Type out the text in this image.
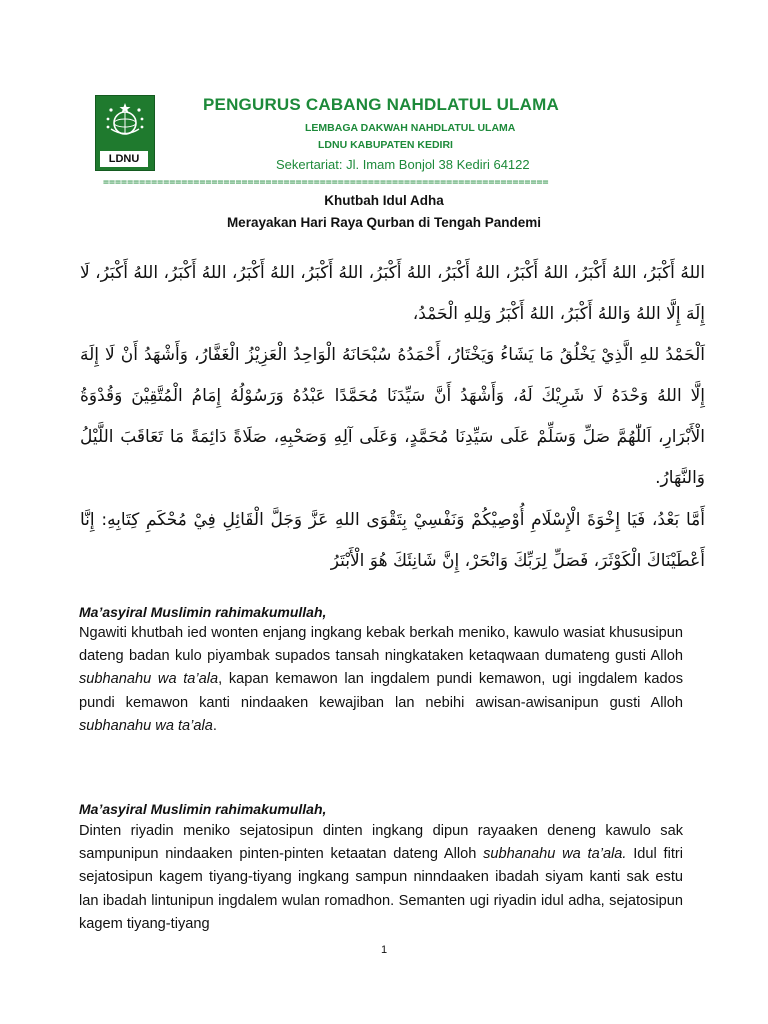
LDNU
PENGURUS CABANG NAHDLATUL ULAMA
LEMBAGA DAKWAH NAHDLATUL ULAMA
LDNU KABUPATEN KEDIRI
Sekertariat: Jl. Imam Bonjol 38 Kediri 64122
==========================================================================
Khutbah Idul Adha
Merayakan Hari Raya Qurban di Tengah Pandemi
اللهُ أَكْبَرُ، اللهُ أَكْبَرُ، اللهُ أَكْبَرُ، اللهُ أَكْبَرُ، اللهُ أَكْبَرُ، اللهُ أَكْبَرُ، اللهُ أَكْبَرُ، اللهُ أَكْبَرُ، اللهُ أَكْبَرُ، لَا إِلَهَ إِلَّا اللهُ وَاللهُ أَكْبَرُ، اللهُ أَكْبَرُ وَلِلهِ الْحَمْدُ،
اَلْحَمْدُ للهِ الَّذِيْ يَخْلُقُ مَا يَشَاءُ وَيَخْتَارُ، أَحْمَدُهُ سُبْحَانَهُ الْوَاحِدُ الْعَزِيْزُ الْغَفَّارُ، وَأَشْهَدُ أَنْ لَا إِلَهَ إِلَّا اللهُ وَحْدَهُ لَا شَرِيْكَ لَهُ، وَأَشْهَدُ أَنَّ سَيِّدَنَا مُحَمَّدًا عَبْدُهُ وَرَسُوْلُهُ إِمَامُ الْمُتَّقِيْنَ وَقُدْوَةُ الْأَبْرَارِ، اَللّٰهُمَّ صَلِّ وَسَلِّمْ عَلَى سَيِّدِنَا مُحَمَّدٍ، وَعَلَى آلِهِ وَصَحْبِهِ، صَلَاةً دَائِمَةً مَا تَعَاقَبَ اللَّيْلُ وَالنَّهَارُ.
أَمَّا بَعْدُ، فَيَا إِخْوَةَ الْإِسْلَامِ أُوْصِيْكُمْ وَنَفْسِيْ بِتَقْوَى اللهِ عَزَّ وَجَلَّ الْقَائِلِ فِيْ مُحْكَمِ كِتَابِهِ: إِنَّا أَعْطَيْنَاكَ الْكَوْثَرَ، فَصَلِّ لِرَبِّكَ وَانْحَرْ، إِنَّ شَانِئَكَ هُوَ الْأَبْتَرُ
Ma’asyiral Muslimin rahimakumullah,
Ngawiti khutbah ied wonten enjang ingkang kebak berkah meniko, kawulo wasiat khususipun dateng badan kulo piyambak supados tansah ningkataken ketaqwaan dumateng gusti Alloh subhanahu wa ta’ala, kapan kemawon lan ingdalem pundi kemawon, ugi ingdalem kados pundi kemawon kanti nindaaken kewajiban lan nebihi awisan-awisanipun gusti Alloh subhanahu wa ta’ala.
Ma’asyiral Muslimin rahimakumullah,
Dinten riyadin meniko sejatosipun dinten ingkang dipun rayaaken deneng kawulo sak sampunipun nindaaken pinten-pinten ketaatan dateng Alloh subhanahu wa ta’ala. Idul fitri sejatosipun kagem tiyang-tiyang ingkang sampun ninndaaken ibadah siyam kanti sak estu lan ibadah lintunipun ingdalem wulan romadhon. Semanten ugi riyadin idul adha, sejatosipun kagem tiyang-tiyang
1
